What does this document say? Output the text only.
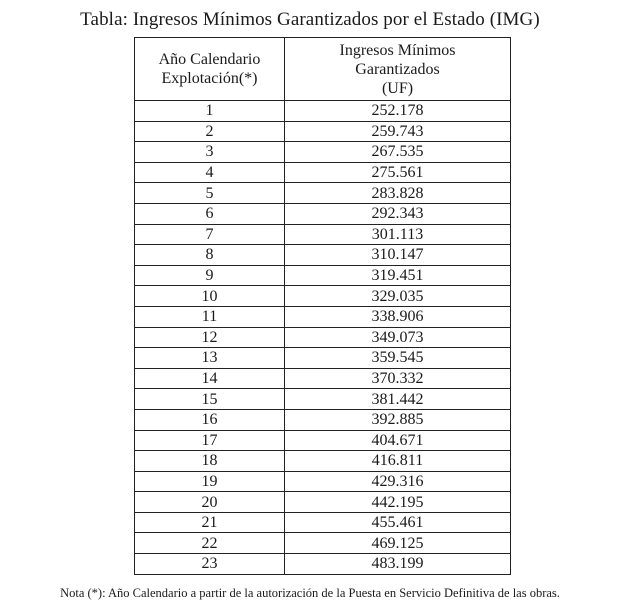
Tabla: Ingresos Mínimos Garantizados por el Estado (IMG)
Año Calendario
Explotación(*)	Ingresos Mínimos
Garantizados
(UF)

1	252.178
2	259.743
3	267.535
4	275.561
5	283.828
6	292.343
7	301.113
8	310.147
9	319.451
10	329.035
11	338.906
12	349.073
13	359.545
14	370.332
15	381.442
16	392.885
17	404.671
18	416.811
19	429.316
20	442.195
21	455.461
22	469.125
23	483.199
Nota (*): Año Calendario a partir de la autorización de la Puesta en Servicio Definitiva de las obras.
